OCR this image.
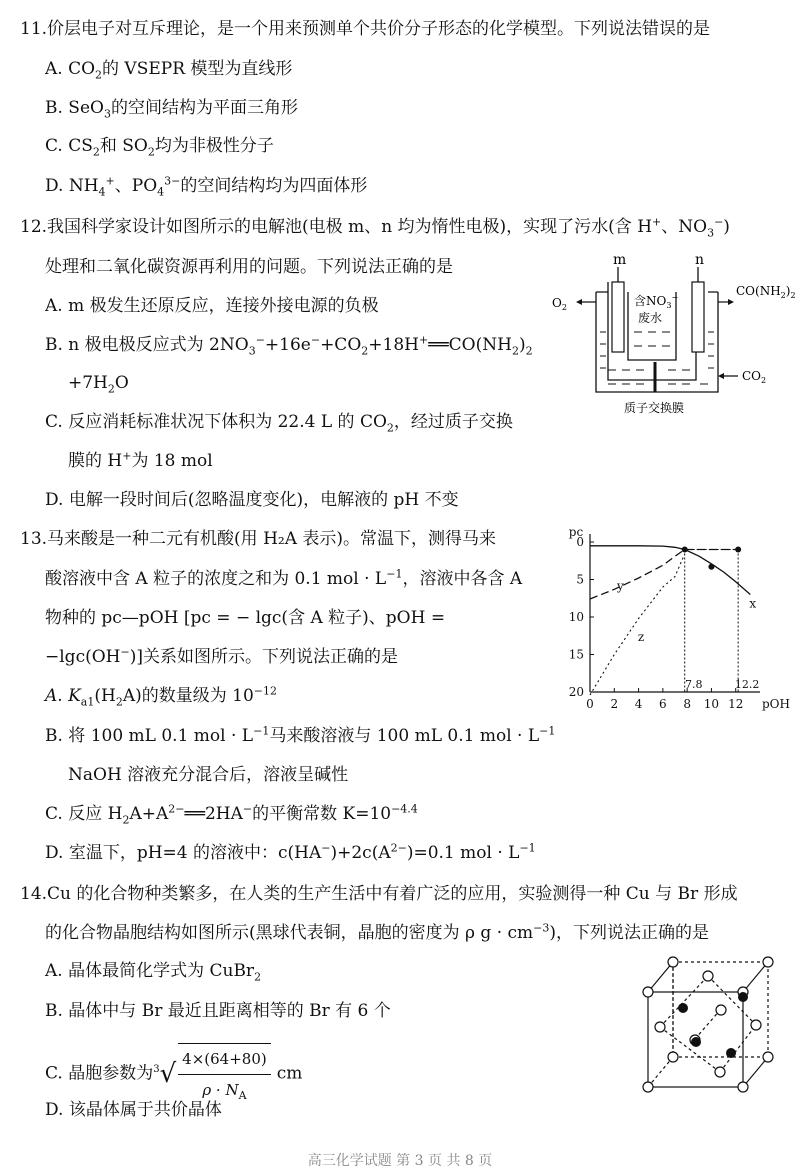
11.价层电子对互斥理论，是一个用来预测单个共价分子形态的化学模型。下列说法错误的是
A. $CO_2$的 VSEPR 模型为直线形
B. SeO$_3$的空间结构为平面三角形
C. $CS_2$和 $SO_2$均为非极性分子
D. $NH_4^+$、$PO_4^{3-}$的空间结构均为四面体形
12.我国科学家设计如图所示的电解池(电极 m、n 均为惰性电极)，实现了污水(含 H+、$NO_3^-$)
处理和二氧化碳资源再利用的问题。下列说法正确的是
A. m 极发生还原反应，连接外接电源的负极
B. n 极电极反应式为 $2NO_3^-+16e^-+CO_2+18H^+══CO(NH_2)_2$
$+7H_2O$
C. 反应消耗标准状况下体积为 22.4 L 的 $CO_2$，经过质子交换
膜的 H+为 18 mol
D. 电解一段时间后(忽略温度变化)，电解液的 pH 不变
m	n
$O_2$
$CO(NH_2)_2$
含$NO_3^-$
废水
$CO_2$
质子交换膜
13.马来酸是一种二元有机酸(用 H₂A 表示)。常温下，测得马来
酸溶液中含 A 粒子的浓度之和为 0.1 mol · $L^{-1}$，溶液中各含 A
物种的 pc—pOH [pc = − lgc(含 A 粒子)、pOH =
−lgc(OH−)]关系如图所示。下列说法正确的是
A. $K_{a1}(H_2A)$的数量级为 $10^{-12}$
B. 将 100 mL 0.1 mol · $L^{-1}$马来酸溶液与 100 mL 0.1 mol · $L^{-1}$
NaOH 溶液充分混合后，溶液呈碱性
C. 反应 $H_2A+A^{2-}══2HA^-$的平衡常数 $K=10^{-4.4}$
D. 室温下，pH=4 的溶液中：$c(HA^-)+2c(A^{2-})=0.1$ mol · $L^{-1}$
0 2 4 6 8 10 12
0
5
10
15
20
pc
pOH
7.8	12.2
x
y
z
14.Cu 的化合物种类繁多，在人类的生产生活中有着广泛的应用，实验测得一种 Cu 与 Br 形成
的化合物晶胞结构如图所示(黑球代表铜，晶胞的密度为 ρ $g \cdot cm^{-3}$)，下列说法正确的是
A. 晶体最简化学式为 CuBr$_2$
B. 晶体中与 Br 最近且距离相等的 Br 有 6 个
C. 晶胞参数为$^3√ \frac{4\times(64+80)}{\rho \cdot N_A}$ cm
D. 该晶体属于共价晶体
高三化学试题 第 3 页 共 8 页
